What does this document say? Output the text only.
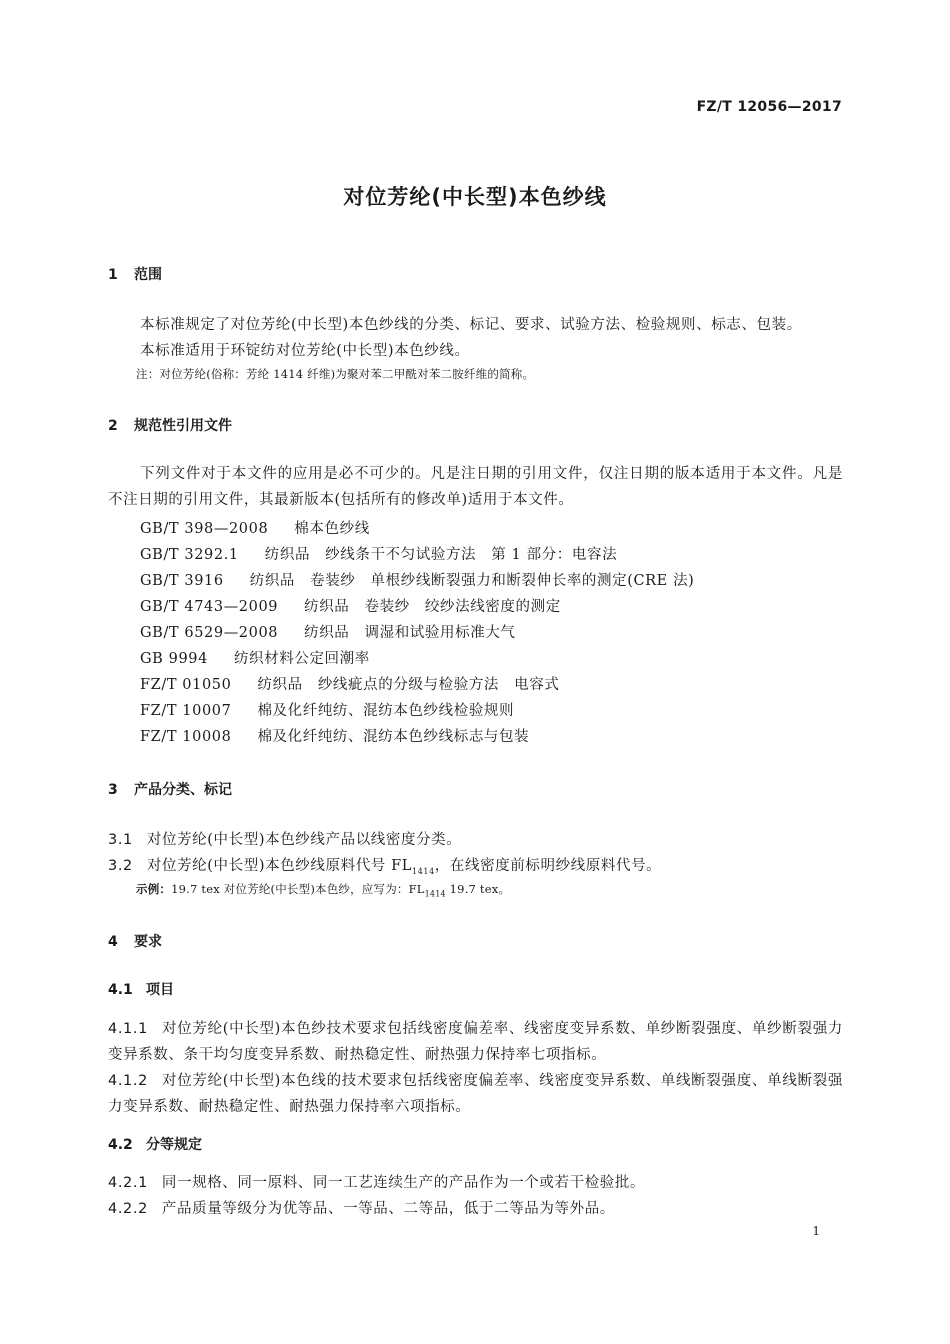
FZ/T 12056—2017
对位芳纶(中长型)本色纱线
1 范围
本标准规定了对位芳纶(中长型)本色纱线的分类、标记、要求、试验方法、检验规则、标志、包装。
本标准适用于环锭纺对位芳纶(中长型)本色纱线。
注：对位芳纶(俗称：芳纶 1414 纤维)为聚对苯二甲酰对苯二胺纤维的简称。
2 规范性引用文件
下列文件对于本文件的应用是必不可少的。凡是注日期的引用文件，仅注日期的版本适用于本文件。凡是不注日期的引用文件，其最新版本(包括所有的修改单)适用于本文件。
GB/T 398—2008 棉本色纱线
GB/T 3292.1 纺织品　纱线条干不匀试验方法　第 1 部分：电容法
GB/T 3916 纺织品　卷装纱　单根纱线断裂强力和断裂伸长率的测定(CRE 法)
GB/T 4743—2009 纺织品　卷装纱　绞纱法线密度的测定
GB/T 6529—2008 纺织品　调湿和试验用标准大气
GB 9994 纺织材料公定回潮率
FZ/T 01050 纺织品　纱线疵点的分级与检验方法　电容式
FZ/T 10007 棉及化纤纯纺、混纺本色纱线检验规则
FZ/T 10008 棉及化纤纯纺、混纺本色纱线标志与包装
3 产品分类、标记
3.1 对位芳纶(中长型)本色纱线产品以线密度分类。
3.2 对位芳纶(中长型)本色纱线原料代号 $FL_{1414}$，在线密度前标明纱线原料代号。
示例：19.7 tex 对位芳纶(中长型)本色纱，应写为：$FL_{1414}$ 19.7 tex。
4 要求
4.1 项目
4.1.1 对位芳纶(中长型)本色纱技术要求包括线密度偏差率、线密度变异系数、单纱断裂强度、单纱断裂强力变异系数、条干均匀度变异系数、耐热稳定性、耐热强力保持率七项指标。
4.1.2 对位芳纶(中长型)本色线的技术要求包括线密度偏差率、线密度变异系数、单线断裂强度、单线断裂强力变异系数、耐热稳定性、耐热强力保持率六项指标。
4.2 分等规定
4.2.1 同一规格、同一原料、同一工艺连续生产的产品作为一个或若干检验批。
4.2.2 产品质量等级分为优等品、一等品、二等品，低于二等品为等外品。
1
